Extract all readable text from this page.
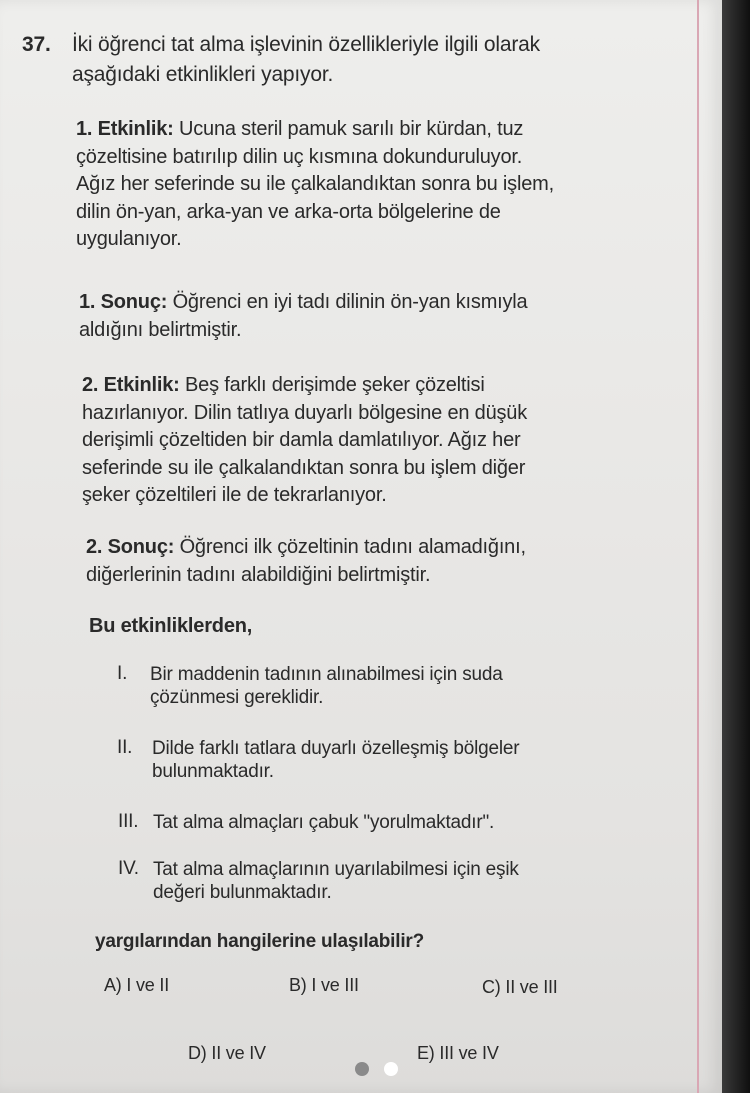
37. İki öğrenci tat alma işlevinin özellikleriyle ilgili olarak
aşağıdaki etkinlikleri yapıyor.
1. Etkinlik: Ucuna steril pamuk sarılı bir kürdan, tuz
çözeltisine batırılıp dilin uç kısmına dokunduruluyor.
Ağız her seferinde su ile çalkalandıktan sonra bu işlem,
dilin ön-yan, arka-yan ve arka-orta bölgelerine de
uygulanıyor.
1. Sonuç: Öğrenci en iyi tadı dilinin ön-yan kısmıyla
aldığını belirtmiştir.
2. Etkinlik: Beş farklı derişimde şeker çözeltisi
hazırlanıyor. Dilin tatlıya duyarlı bölgesine en düşük
derişimli çözeltiden bir damla damlatılıyor. Ağız her
seferinde su ile çalkalandıktan sonra bu işlem diğer
şeker çözeltileri ile de tekrarlanıyor.
2. Sonuç: Öğrenci ilk çözeltinin tadını alamadığını,
diğerlerinin tadını alabildiğini belirtmiştir.
Bu etkinliklerden,
I. Bir maddenin tadının alınabilmesi için suda
çözünmesi gereklidir.
II. Dilde farklı tatlara duyarlı özelleşmiş bölgeler
bulunmaktadır.
III. Tat alma almaçları çabuk "yorulmaktadır".
IV. Tat alma almaçlarının uyarılabilmesi için eşik
değeri bulunmaktadır.
yargılarından hangilerine ulaşılabilir?
A) I ve II	B) I ve III	C) II ve III
D) II ve IV	E) III ve IV
